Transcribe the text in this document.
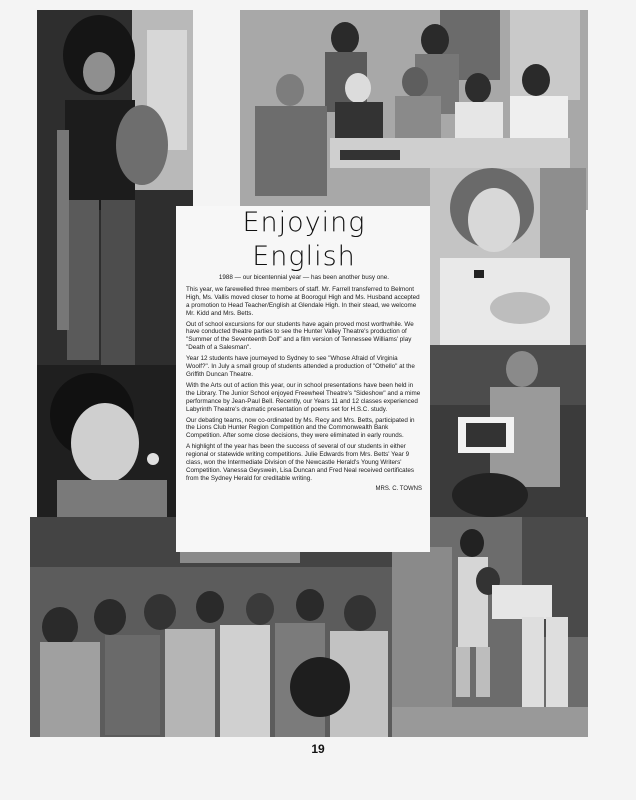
Enjoying English

1988 — our bicentennial year — has been another busy one.

This year, we farewelled three members of staff. Mr. Farrell transferred to Belmont High, Ms. Vallis moved closer to home at Boorogul High and Ms. Husband accepted a promotion to Head Teacher/English at Glendale High. In their stead, we welcome Mr. Kidd and Mrs. Betts.

Out of school excursions for our students have again proved most worthwhile. We have conducted theatre parties to see the Hunter Valley Theatre's production of "Summer of the Seventeenth Doll" and a film version of Tennessee Williams' play "Death of a Salesman".

Year 12 students have journeyed to Sydney to see "Whose Afraid of Virginia Woolf?". In July a small group of students attended a production of "Othello" at the Griffith Duncan Theatre.

With the Arts out of action this year, our in school presentations have been held in the Library. The Junior School enjoyed Freewheel Theatre's "Sideshow" and a mime performance by Jean-Paul Bell. Recently, our Years 11 and 12 classes experienced Labyrinth Theatre's dramatic presentation of poems set for H.S.C. study.

Our debating teams, now co-ordinated by Ms. Recy and Mrs. Betts, participated in the Lions Club Hunter Region Competition and the Commonwealth Bank Competition. After some close decisions, they were eliminated in early rounds.

A highlight of the year has been the success of several of our students in either regional or statewide writing competitions. Julie Edwards from Mrs. Betts' Year 9 class, won the Intermediate Division of the Newcastle Herald's Young Writers' Competition. Vanessa Geyswein, Lisa Duncan and Fred Neal received certificates from the Sydney Herald for creditable writing.

MRS. C. TOWNS
19
